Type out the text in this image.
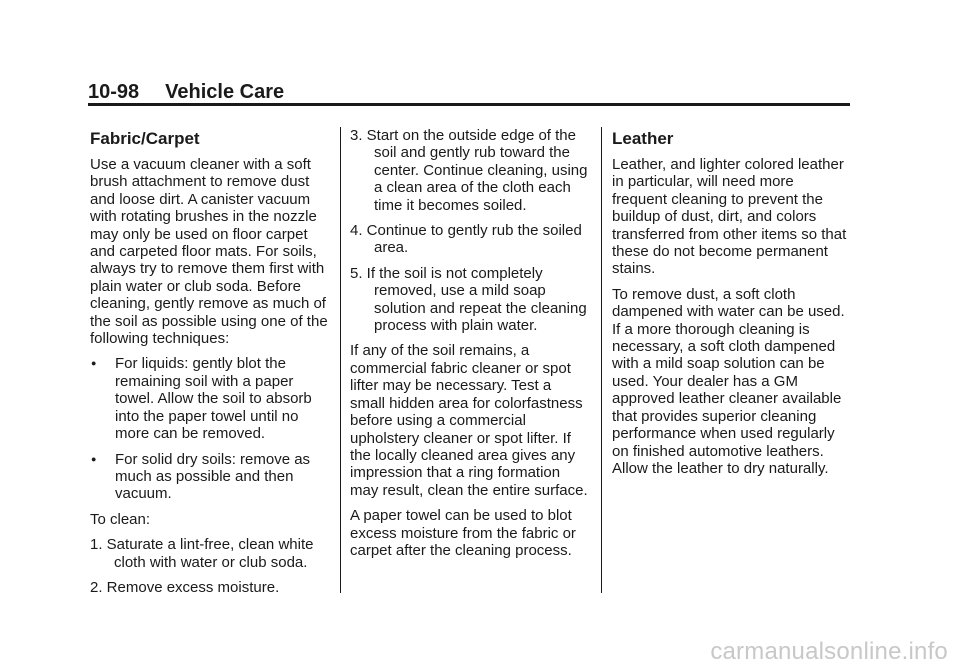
10-98 Vehicle Care
Fabric/Carpet

Use a vacuum cleaner with a soft brush attachment to remove dust and loose dirt. A canister vacuum with rotating brushes in the nozzle may only be used on floor carpet and carpeted floor mats. For soils, always try to remove them first with plain water or club soda. Before cleaning, gently remove as much of the soil as possible using one of the following techniques:

●	For liquids: gently blot the remaining soil with a paper towel. Allow the soil to absorb into the paper towel until no more can be removed.
●	For solid dry soils: remove as much as possible and then vacuum.

To clean:

1. Saturate a lint-free, clean white cloth with water or club soda.

2. Remove excess moisture.

3. Start on the outside edge of the soil and gently rub toward the center. Continue cleaning, using a clean area of the cloth each time it becomes soiled.

4. Continue to gently rub the soiled area.

5. If the soil is not completely removed, use a mild soap solution and repeat the cleaning process with plain water.

If any of the soil remains, a commercial fabric cleaner or spot lifter may be necessary. Test a small hidden area for colorfastness before using a commercial upholstery cleaner or spot lifter. If the locally cleaned area gives any impression that a ring formation may result, clean the entire surface.

A paper towel can be used to blot excess moisture from the fabric or carpet after the cleaning process.

Leather

Leather, and lighter colored leather in particular, will need more frequent cleaning to prevent the buildup of dust, dirt, and colors transferred from other items so that these do not become permanent stains.

To remove dust, a soft cloth dampened with water can be used. If a more thorough cleaning is necessary, a soft cloth dampened with a mild soap solution can be used. Your dealer has a GM approved leather cleaner available that provides superior cleaning performance when used regularly on finished automotive leathers. Allow the leather to dry naturally.

carmanualsonline.info
